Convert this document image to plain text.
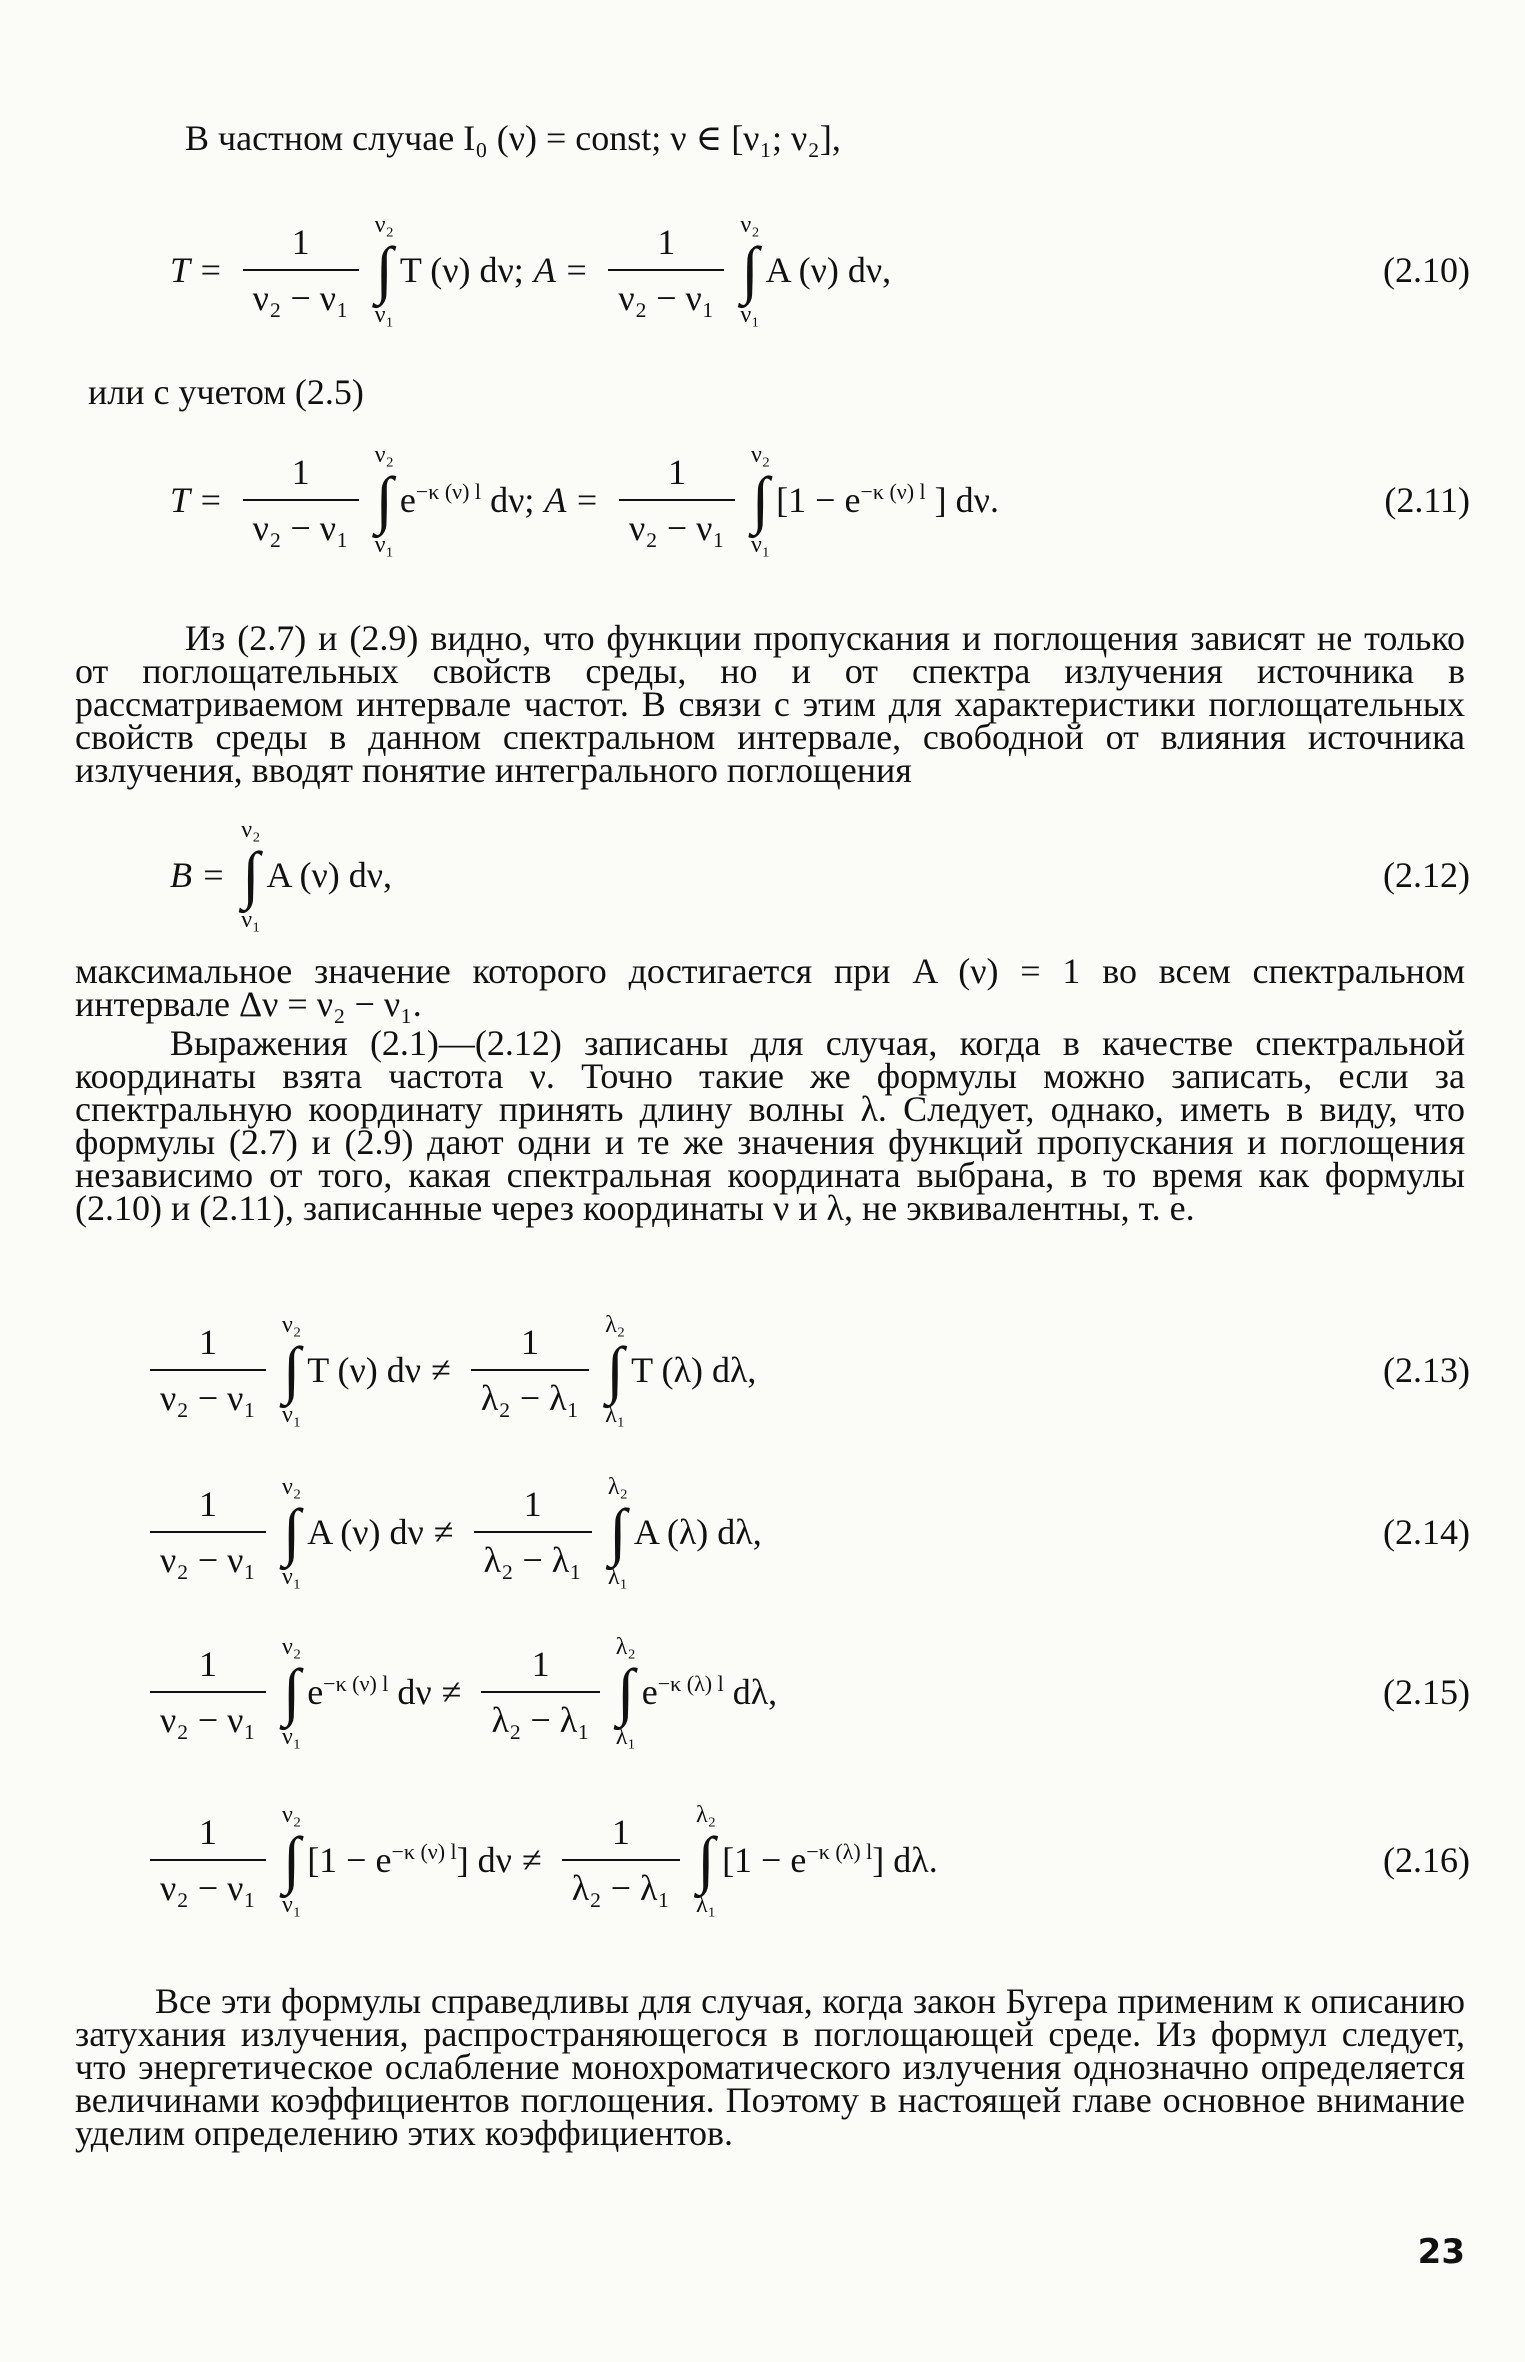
В частном случае I₀ (ν) = const; ν ∈ [ν₁; ν₂],
$T = \frac{1}{\text{ν₂ − ν₁}} \nu_2$
∫
ν₁
T (ν) dν; $A = \frac{1}{\text{ν₂ − ν₁}} \nu_2$
∫
ν₁
A (ν) dν,	(2.10)
или с учетом (2.5)
$T = \frac{1}{\text{ν₂ − ν₁}} \nu_2$
∫
ν₁
$e^{-\kappa (\nu) l}$ dν; $A = \frac{1}{\text{ν₂ − ν₁}} \nu_2$
∫
ν₁
[$1 - e^{-\kappa (\nu) l}$ ] dν.	(2.11)

Из (2.7) и (2.9) видно, что функции пропускания и поглощения зависят не только от поглощательных свойств среды, но и от спектра излучения источника в рассматриваемом интервале частот. В связи с этим для характеристики поглощательных свойств среды в данном спектральном интервале, свободной от влияния источника излучения, вводят понятие интегрального поглощения

B =
ν₂
∫
ν₁
A (ν) dν,	(2.12)

максимальное значение которого достигается при A (ν) = 1 во всем спектральном интервале Δν = ν₂ − ν₁.

Выражения (2.1)—(2.12) записаны для случая, когда в качестве спектральной координаты взята частота ν. Точно такие же формулы можно записать, если за спектральную координату принять длину волны λ. Следует, однако, иметь в виду, что формулы (2.7) и (2.9) дают одни и те же значения функций пропускания и поглощения независимо от того, какая спектральная координата выбрана, в то время как формулы (2.10) и (2.11), записанные через координаты ν и λ, не эквивалентны, т. е.

$\frac{1}{\text{ν₂ − ν₁}} \nu_2$
∫
ν₁
T (ν) $d\nu \ne \frac{1}{\text{λ₂ − λ₁}} \lambda_2$
∫
λ₁
T (λ) dλ,	(2.13)
$\frac{1}{\text{ν₂ − ν₁}} \nu_2$
∫
ν₁
A (ν) $d\nu \ne \frac{1}{\text{λ₂ − λ₁}} \lambda_2$
∫
λ₁
A (λ) dλ,	(2.14)
$\frac{1}{\text{ν₂ − ν₁}} \nu_2$
∫
ν₁
$e^{-\kappa (\nu) l}$ $d\nu \ne \frac{1}{\text{λ₂ − λ₁}} \lambda_2$
∫
λ₁
$e^{-\kappa (\lambda) l}$ dλ,	(2.15)
$\frac{1}{\text{ν₂ − ν₁}} \nu_2$
∫
ν₁
$[1 - e^{-\kappa (\nu) l}]$ $d\nu \ne \frac{1}{\text{λ₂ − λ₁}} \lambda_2$
∫
λ₁
$[1 - e^{-\kappa (\lambda) l}]$ dλ.	(2.16)

Все эти формулы справедливы для случая, когда закон Бугера применим к описанию затухания излучения, распространяющегося в поглощающей среде. Из формул следует, что энергетическое ослабление монохроматического излучения однозначно определяется величинами коэффициентов поглощения. Поэтому в настоящей главе основное внимание уделим определению этих коэффициентов.

23
